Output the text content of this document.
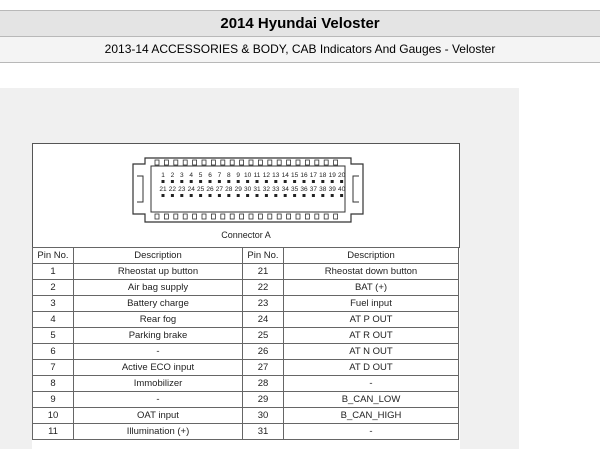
2014 Hyundai Veloster
2013-14 ACCESSORIES & BODY, CAB Indicators And Gauges - Veloster
1 2 3 4 5 6 7 8 9 10 11 12 13 14 15 16 17 18 19 20
21 22 23 24 25 26 27 28 29 30 31 32 33 34 35 36 37 38 39 40
Connector A
Pin No.	Description	Pin No.	Description
1	Rheostat up button	21	Rheostat down button
2	Air bag supply	22	BAT (+)
3	Battery charge	23	Fuel input
4	Rear fog	24	AT P OUT
5	Parking brake	25	AT R OUT
6	-	26	AT N OUT
7	Active ECO input	27	AT D OUT
8	Immobilizer	28	-
9	-	29	B_CAN_LOW
10	OAT input	30	B_CAN_HIGH
11	Illumination (+)	31	-
